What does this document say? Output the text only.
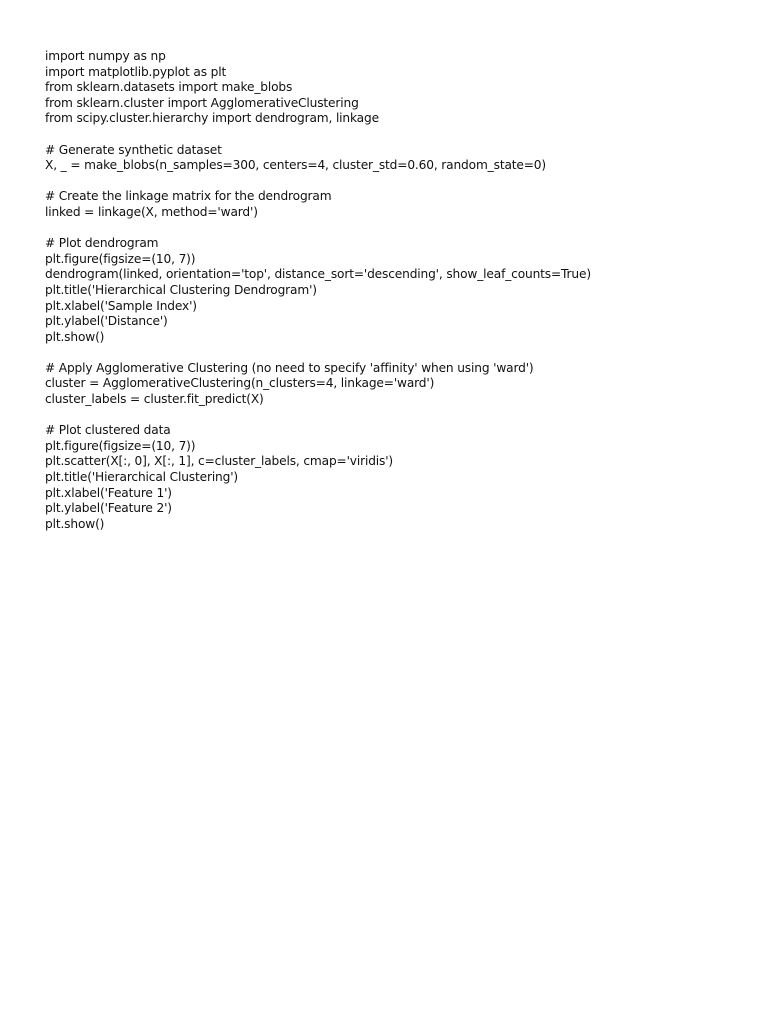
import numpy as np
import matplotlib.pyplot as plt
from sklearn.datasets import make_blobs
from sklearn.cluster import AgglomerativeClustering
from scipy.cluster.hierarchy import dendrogram, linkage
# Generate synthetic dataset
X, _ = make_blobs(n_samples=300, centers=4, cluster_std=0.60, random_state=0)
# Create the linkage matrix for the dendrogram
linked = linkage(X, method='ward')
# Plot dendrogram
plt.figure(figsize=(10, 7))
dendrogram(linked, orientation='top', distance_sort='descending', show_leaf_counts=True)
plt.title('Hierarchical Clustering Dendrogram')
plt.xlabel('Sample Index')
plt.ylabel('Distance')
plt.show()
# Apply Agglomerative Clustering (no need to specify 'affinity' when using 'ward')
cluster = AgglomerativeClustering(n_clusters=4, linkage='ward')
cluster_labels = cluster.fit_predict(X)
# Plot clustered data
plt.figure(figsize=(10, 7))
plt.scatter(X[:, 0], X[:, 1], c=cluster_labels, cmap='viridis')
plt.title('Hierarchical Clustering')
plt.xlabel('Feature 1')
plt.ylabel('Feature 2')
plt.show()
